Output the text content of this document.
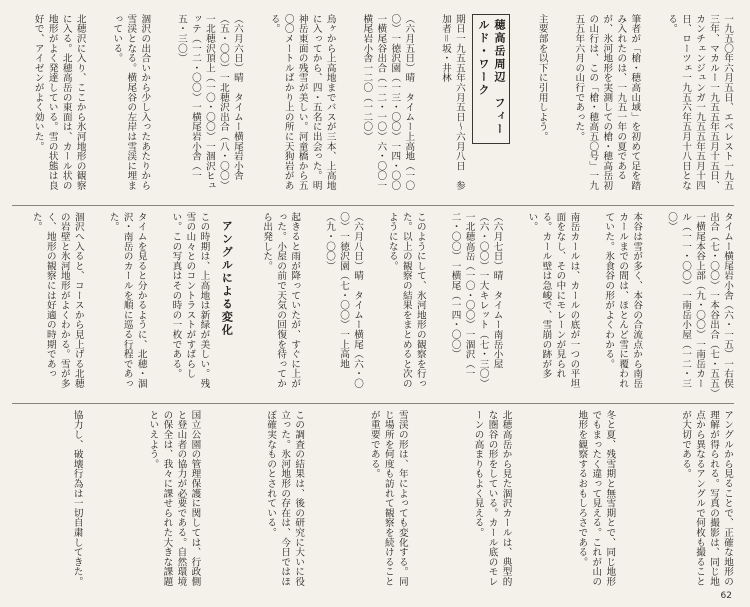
一九五〇年六月五日、エベレスト一九五三年、マカルー一九五五年五月十五日、カンチェンジュンガ一九五五年五月十四日、ローツェ一九五六年五月十八日となる。
筆者が「槍・穂高山域」を初めて足を踏み入れたのは、一九五一年の夏であるが、氷河地形を実測しての槍・穂高岳初の山行は、この「槍・穂高五〇号」一九五五年六月の山行であった。
主要部を以下に引用しよう。
穂高岳周辺　フィールド・ワーク
期日一九五五年六月五日〜六月八日　参加者＝坂・井林
（六月五日）晴　タイムー上高地（一〇〇）一徳沢園（一三・〇〇）一四・〇〇一横尾谷出合（一二・一〇）六・〇〇一横尾岩小舎一二〇（一二〇）
烏ヶから上高地までバスが三本、上高地に入ってから、四・五名に出会った。明神岳東面の残雪が美しい。河童橋から五〇〇メートルばかり上の所に天狗岩がある。
（六月六日）晴　タイムー横尾岩小舎（五・〇〇）一北穂沢出合（八・〇〇）一北穂沢頂上（一〇・〇〇）一涸沢ヒュッテ（一二・〇〇）一横尾岩小舎（一五・三〇）
涸沢の出合いから少し入ったあたりから雪渓となる。横尾谷の左岸は雪渓に埋まっている。
北穂沢に入り、ここから氷河地形の観察に入る。北穂高岳の東面は、カール状の地形がよく発達している。雪の状態は良好で、アイゼンがよく効いた。
タイムー横尾岩小舎（六・一五）一右俣出合（七・〇〇）一本谷出合（七・五五）一横尾本谷上部（九・〇〇）一南岳カール（一一・〇〇）一南岳小屋（一二・三〇）
本谷は雪が多く、本谷の合流点から南岳カールまでの間は、ほとんど雪に覆われていた。氷食谷の形がよくわかる。
南岳カールは、カールの底が一つの平坦面をなし、その中にモレーンが見られる。カール壁は急峻で、雪崩の跡が多い。
（六月七日）晴　タイムー南岳小屋（六・〇〇）一大キレット（七・三〇）一北穂高岳（一〇・〇〇）一涸沢（一二・〇〇）一横尾（一四・〇〇）
このようにして、氷河地形の観察を行った。以上の観察の結果をまとめると次のようになる。
（六月八日）晴　タイムー横尾（六・〇〇）一徳沢園（七・〇〇）一上高地（九・〇〇）
起きると雨が降っていたが、すぐに上がった。小屋の前で天気の回復を待ってから出発した。
アングルによる変化
この時期は、上高地は新緑が美しい。残雪の山々とのコントラストがすばらしい。この写真はその時の一枚である。
タイムを見ると分かるように、北穂・涸沢・南岳のカールを順に巡る行程であった。
涸沢へ入ると、コースから見上げる北穂の岩壁と氷河地形がよくわかる。雪が多く、地形の観察には好適の時期であった。
アングルから見ることで、正確な地形の理解が得られる。写真の撮影は、同じ地点から異なるアングルで何枚も撮ることが大切である。
冬と夏、残雪期と無雪期とで、同じ地形でもまったく違って見える。これが山の地形を観察するおもしろさである。
北穂高岳から見た涸沢カールは、典型的な圏谷の形をしている。カール底のモレーンの高まりもよく見える。
雪渓の形は、年によっても変化する。同じ場所を何度も訪れて観察を続けることが重要である。
この調査の結果は、後の研究に大いに役立った。氷河地形の存在は、今日ではほぼ確実なものとされている。
国立公園の管理保護に関しては、行政側と登山者の協力が必要である。自然環境の保全は、我々に課せられた大きな課題といえよう。
協力し、破壊行為は一切自粛してきた。
62
